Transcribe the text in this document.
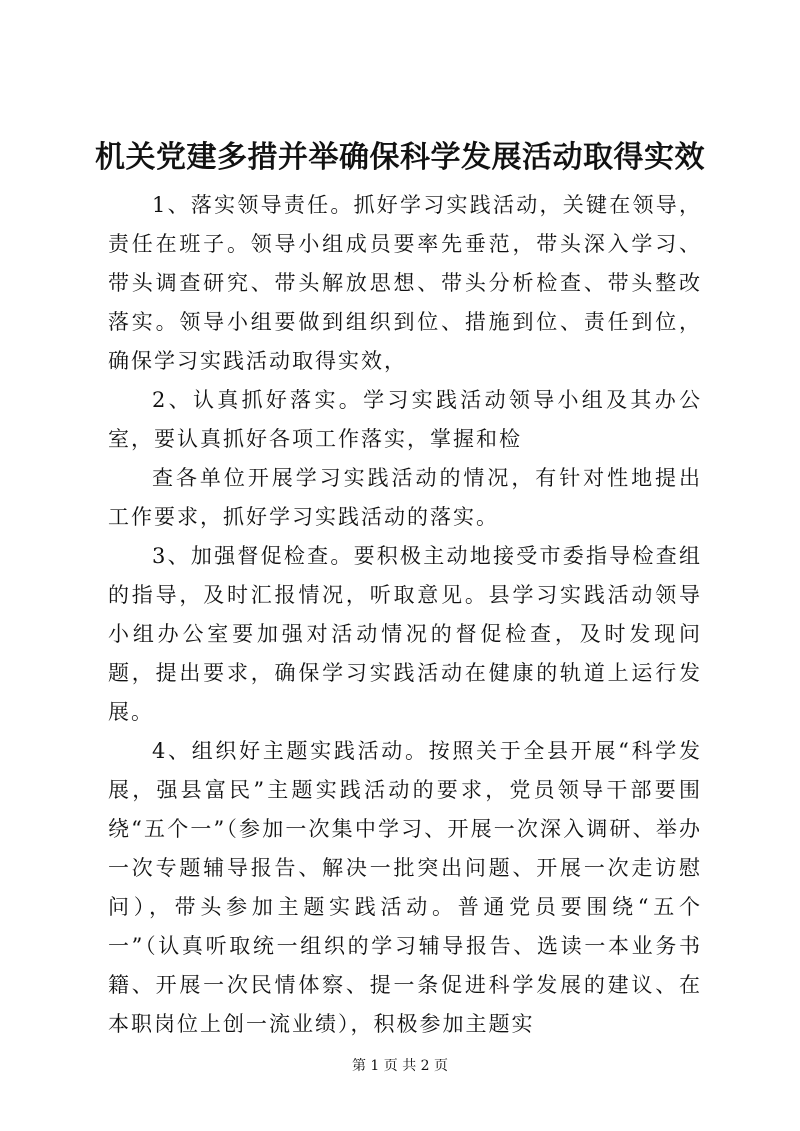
机关党建多措并举确保科学发展活动取得实效

1、落实领导责任。抓好学习实践活动，关键在领导，责任在班子。领导小组成员要率先垂范，带头深入学习、带头调查研究、带头解放思想、带头分析检查、带头整改落实。领导小组要做到组织到位、措施到位、责任到位，确保学习实践活动取得实效，

2、认真抓好落实。学习实践活动领导小组及其办公室，要认真抓好各项工作落实，掌握和检

查各单位开展学习实践活动的情况，有针对性地提出工作要求，抓好学习实践活动的落实。

3、加强督促检查。要积极主动地接受市委指导检查组的指导，及时汇报情况，听取意见。县学习实践活动领导小组办公室要加强对活动情况的督促检查，及时发现问题，提出要求，确保学习实践活动在健康的轨道上运行发展。

4、组织好主题实践活动。按照关于全县开展“科学发展，强县富民”主题实践活动的要求，党员领导干部要围绕“五个一”（参加一次集中学习、开展一次深入调研、举办一次专题辅导报告、解决一批突出问题、开展一次走访慰问），带头参加主题实践活动。普通党员要围绕“五个一”（认真听取统一组织的学习辅导报告、选读一本业务书籍、开展一次民情体察、提一条促进科学发展的建议、在本职岗位上创一流业绩），积极参加主题实

第 1 页 共 2 页
